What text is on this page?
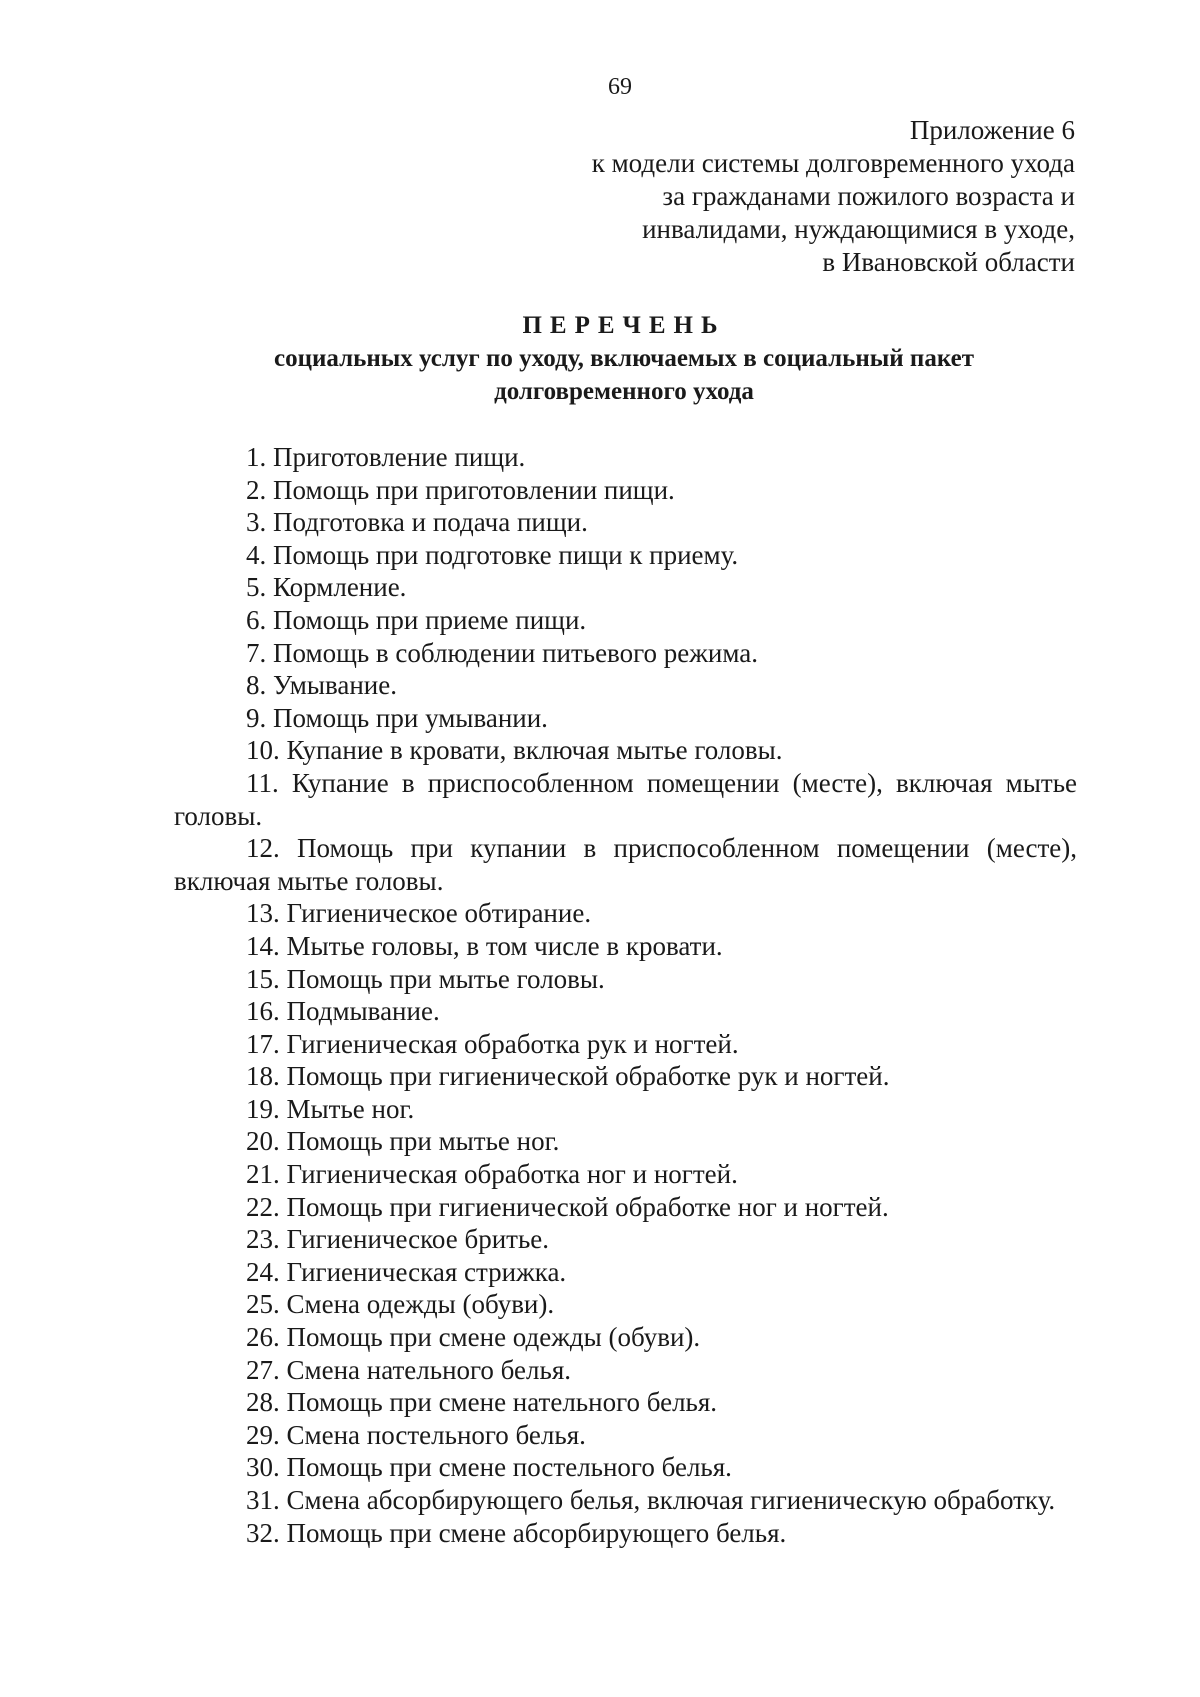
69
Приложение 6
к модели системы долговременного ухода
за гражданами пожилого возраста и
инвалидами, нуждающимися в уходе,
в Ивановской области
ПЕРЕЧЕНЬ
социальных услуг по уходу, включаемых в социальный пакет
долговременного ухода

1. Приготовление пищи.

2. Помощь при приготовлении пищи.

3. Подготовка и подача пищи.

4. Помощь при подготовке пищи к приему.

5. Кормление.

6. Помощь при приеме пищи.

7. Помощь в соблюдении питьевого режима.

8. Умывание.

9. Помощь при умывании.

10. Купание в кровати, включая мытье головы.

11. Купание в приспособленном помещении (месте), включая мытье головы.

12. Помощь при купании в приспособленном помещении (месте), включая мытье головы.

13. Гигиеническое обтирание.

14. Мытье головы, в том числе в кровати.

15. Помощь при мытье головы.

16. Подмывание.

17. Гигиеническая обработка рук и ногтей.

18. Помощь при гигиенической обработке рук и ногтей.

19. Мытье ног.

20. Помощь при мытье ног.

21. Гигиеническая обработка ног и ногтей.

22. Помощь при гигиенической обработке ног и ногтей.

23. Гигиеническое бритье.

24. Гигиеническая стрижка.

25. Смена одежды (обуви).

26. Помощь при смене одежды (обуви).

27. Смена нательного белья.

28. Помощь при смене нательного белья.

29. Смена постельного белья.

30. Помощь при смене постельного белья.

31. Смена абсорбирующего белья, включая гигиеническую обработку.

32. Помощь при смене абсорбирующего белья.
